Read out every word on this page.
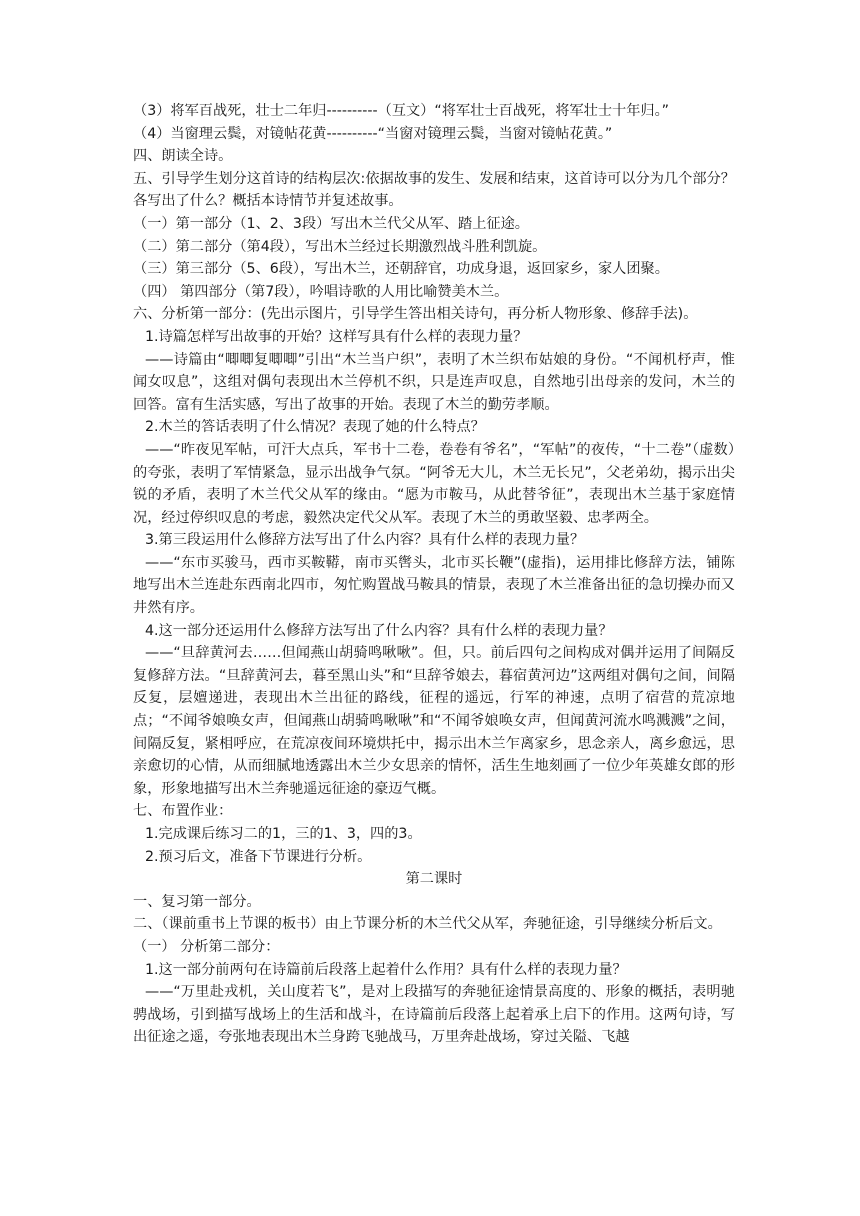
（3）将军百战死，壮士二年归----------（互文）“将军壮士百战死，将军壮士十年归。”

（4）当窗理云鬓，对镜帖花黄----------“当窗对镜理云鬓，当窗对镜帖花黄。”

四、朗读全诗。

五、引导学生划分这首诗的结构层次:依据故事的发生、发展和结束，这首诗可以分为几个部分？各写出了什么？概括本诗情节并复述故事。

（一）第一部分（1、2、3段）写出木兰代父从军、踏上征途。

（二）第二部分（第4段），写出木兰经过长期激烈战斗胜利凯旋。

（三）第三部分（5、6段），写出木兰，还朝辞官，功成身退，返回家乡，家人团聚。

（四） 第四部分（第7段），吟唱诗歌的人用比喻赞美木兰。

六、分析第一部分：(先出示图片，引导学生答出相关诗句，再分析人物形象、修辞手法)。

1.诗篇怎样写出故事的开始？这样写具有什么样的表现力量？

——诗篇由“唧唧复唧唧”引出“木兰当户织”，表明了木兰织布姑娘的身份。“不闻机杼声，惟闻女叹息”，这组对偶句表现出木兰停机不织，只是连声叹息，自然地引出母亲的发问，木兰的回答。富有生活实感，写出了故事的开始。表现了木兰的勤劳孝顺。

2.木兰的答话表明了什么情况？表现了她的什么特点？

——“昨夜见军帖，可汗大点兵，军书十二卷，卷卷有爷名”，“军帖”的夜传，“十二卷”（虚数）的夸张，表明了军情紧急，显示出战争气氛。“阿爷无大儿，木兰无长兄”，父老弟幼，揭示出尖锐的矛盾，表明了木兰代父从军的缘由。“愿为市鞍马，从此替爷征”，表现出木兰基于家庭情况，经过停织叹息的考虑，毅然决定代父从军。表现了木兰的勇敢坚毅、忠孝两全。

3.第三段运用什么修辞方法写出了什么内容？具有什么样的表现力量？

——“东市买骏马，西市买鞍鞯，南市买辔头，北市买长鞭”(虚指)，运用排比修辞方法，铺陈地写出木兰连赴东西南北四市，匆忙购置战马鞍具的情景，表现了木兰准备出征的急切操办而又井然有序。

4.这一部分还运用什么修辞方法写出了什么内容？具有什么样的表现力量？

——“旦辞黄河去……但闻燕山胡骑鸣啾啾”。但，只。前后四句之间构成对偶并运用了间隔反复修辞方法。“旦辞黄河去，暮至黑山头”和“旦辞爷娘去，暮宿黄河边”这两组对偶句之间，间隔反复，层嬗递进，表现出木兰出征的路线，征程的遥远，行军的神速，点明了宿营的荒凉地点；“不闻爷娘唤女声，但闻燕山胡骑鸣啾啾”和“不闻爷娘唤女声，但闻黄河流水鸣溅溅”之间，间隔反复，紧相呼应，在荒凉夜间环境烘托中，揭示出木兰乍离家乡，思念亲人，离乡愈远，思亲愈切的心情，从而细腻地透露出木兰少女思亲的情怀，活生生地刻画了一位少年英雄女郎的形象，形象地描写出木兰奔驰遥远征途的豪迈气概。

七、布置作业：

1.完成课后练习二的1，三的1、3，四的3。

2.预习后文，准备下节课进行分析。

第二课时

一、复习第一部分。

二、（课前重书上节课的板书）由上节课分析的木兰代父从军，奔驰征途，引导继续分析后文。

（一） 分析第二部分：

1.这一部分前两句在诗篇前后段落上起着什么作用？具有什么样的表现力量？

——“万里赴戎机，关山度若飞”，是对上段描写的奔驰征途情景高度的、形象的概括，表明驰骋战场，引到描写战场上的生活和战斗，在诗篇前后段落上起着承上启下的作用。这两句诗，写出征途之遥，夸张地表现出木兰身跨飞驰战马，万里奔赴战场，穿过关隘、飞越
